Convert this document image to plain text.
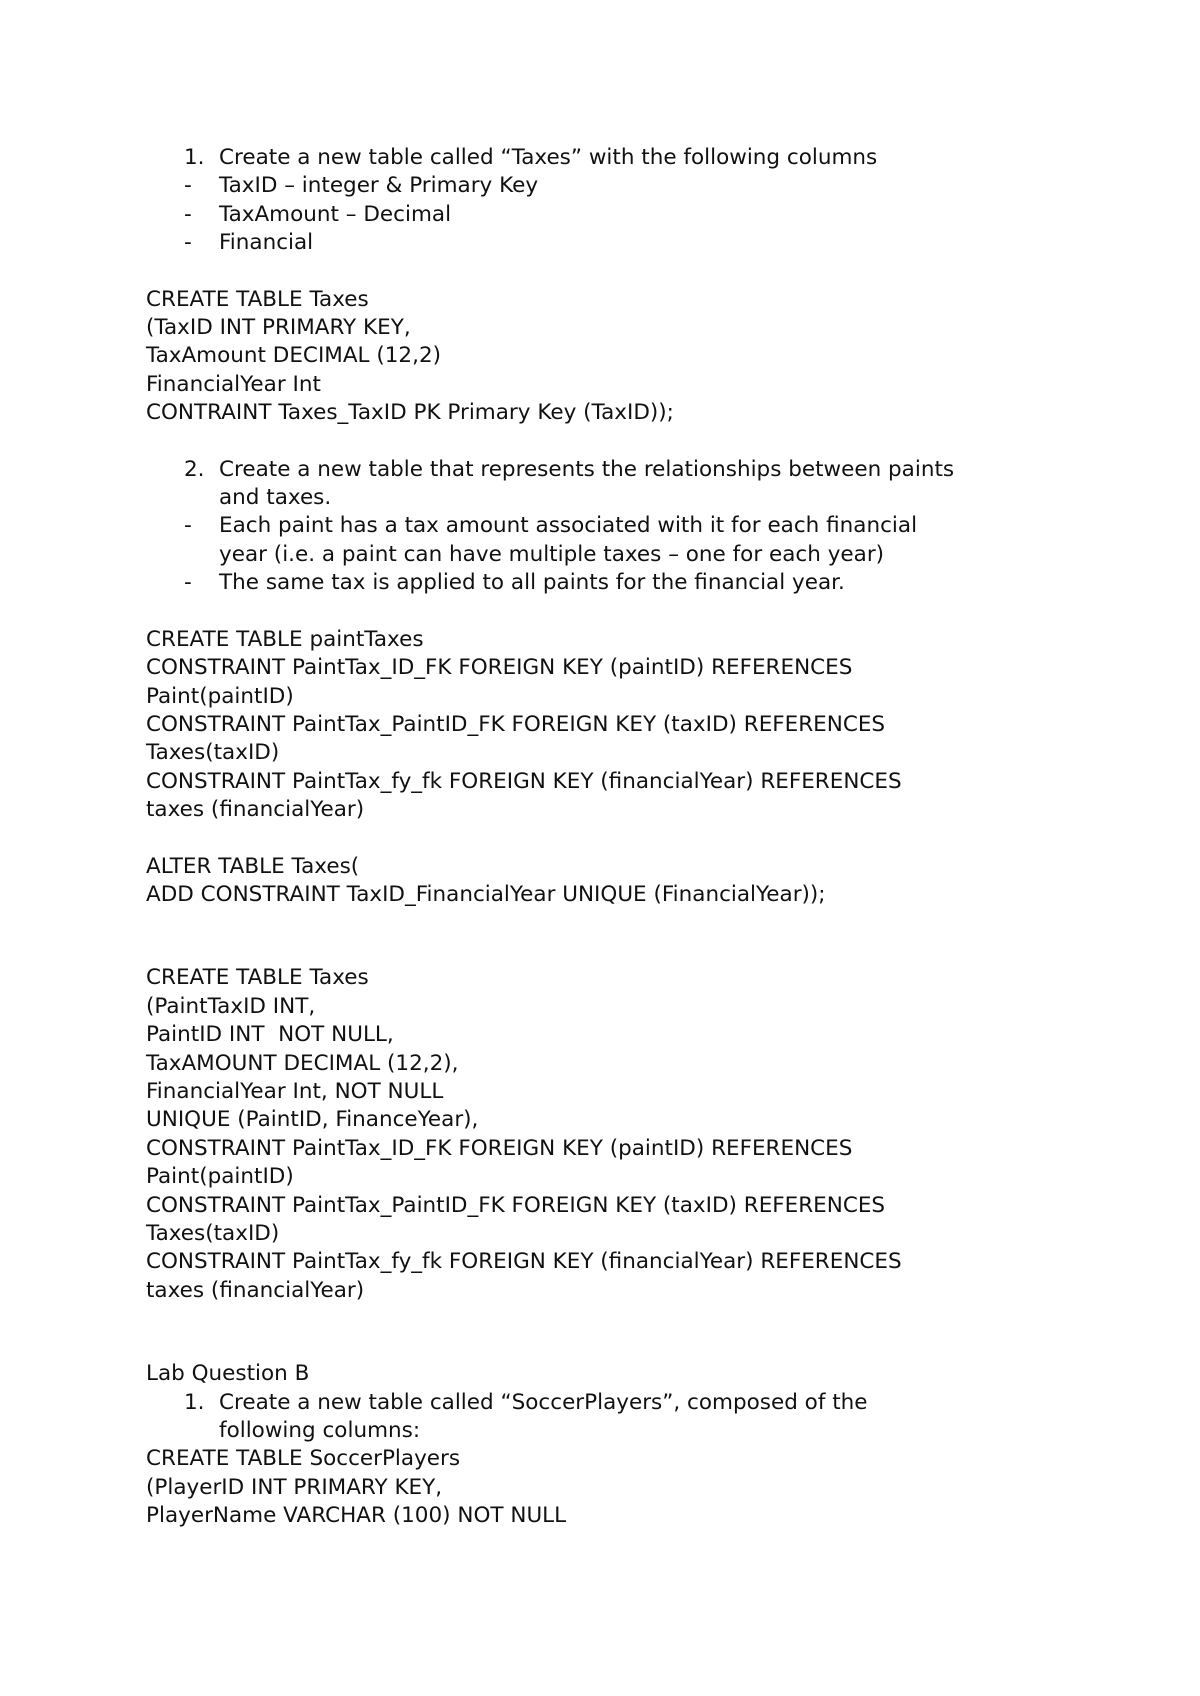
1. Create a new table called “Taxes” with the following columns
- TaxID – integer & Primary Key
- TaxAmount – Decimal
- Financial
CREATE TABLE Taxes
(TaxID INT PRIMARY KEY,
TaxAmount DECIMAL (12,2)
FinancialYear Int
CONTRAINT Taxes_TaxID PK Primary Key (TaxID));
2. Create a new table that represents the relationships between paints
and taxes.
- Each paint has a tax amount associated with it for each financial
year (i.e. a paint can have multiple taxes – one for each year)
- The same tax is applied to all paints for the financial year.
CREATE TABLE paintTaxes
CONSTRAINT PaintTax_ID_FK FOREIGN KEY (paintID) REFERENCES
Paint(paintID)
CONSTRAINT PaintTax_PaintID_FK FOREIGN KEY (taxID) REFERENCES
Taxes(taxID)
CONSTRAINT PaintTax_fy_fk FOREIGN KEY (financialYear) REFERENCES
taxes (financialYear)
ALTER TABLE Taxes(
ADD CONSTRAINT TaxID_FinancialYear UNIQUE (FinancialYear));
CREATE TABLE Taxes
(PaintTaxID INT,
PaintID INT  NOT NULL,
TaxAMOUNT DECIMAL (12,2),
FinancialYear Int, NOT NULL
UNIQUE (PaintID, FinanceYear),
CONSTRAINT PaintTax_ID_FK FOREIGN KEY (paintID) REFERENCES
Paint(paintID)
CONSTRAINT PaintTax_PaintID_FK FOREIGN KEY (taxID) REFERENCES
Taxes(taxID)
CONSTRAINT PaintTax_fy_fk FOREIGN KEY (financialYear) REFERENCES
taxes (financialYear)
Lab Question B
1. Create a new table called “SoccerPlayers”, composed of the
following columns:
CREATE TABLE SoccerPlayers
(PlayerID INT PRIMARY KEY,
PlayerName VARCHAR (100) NOT NULL
